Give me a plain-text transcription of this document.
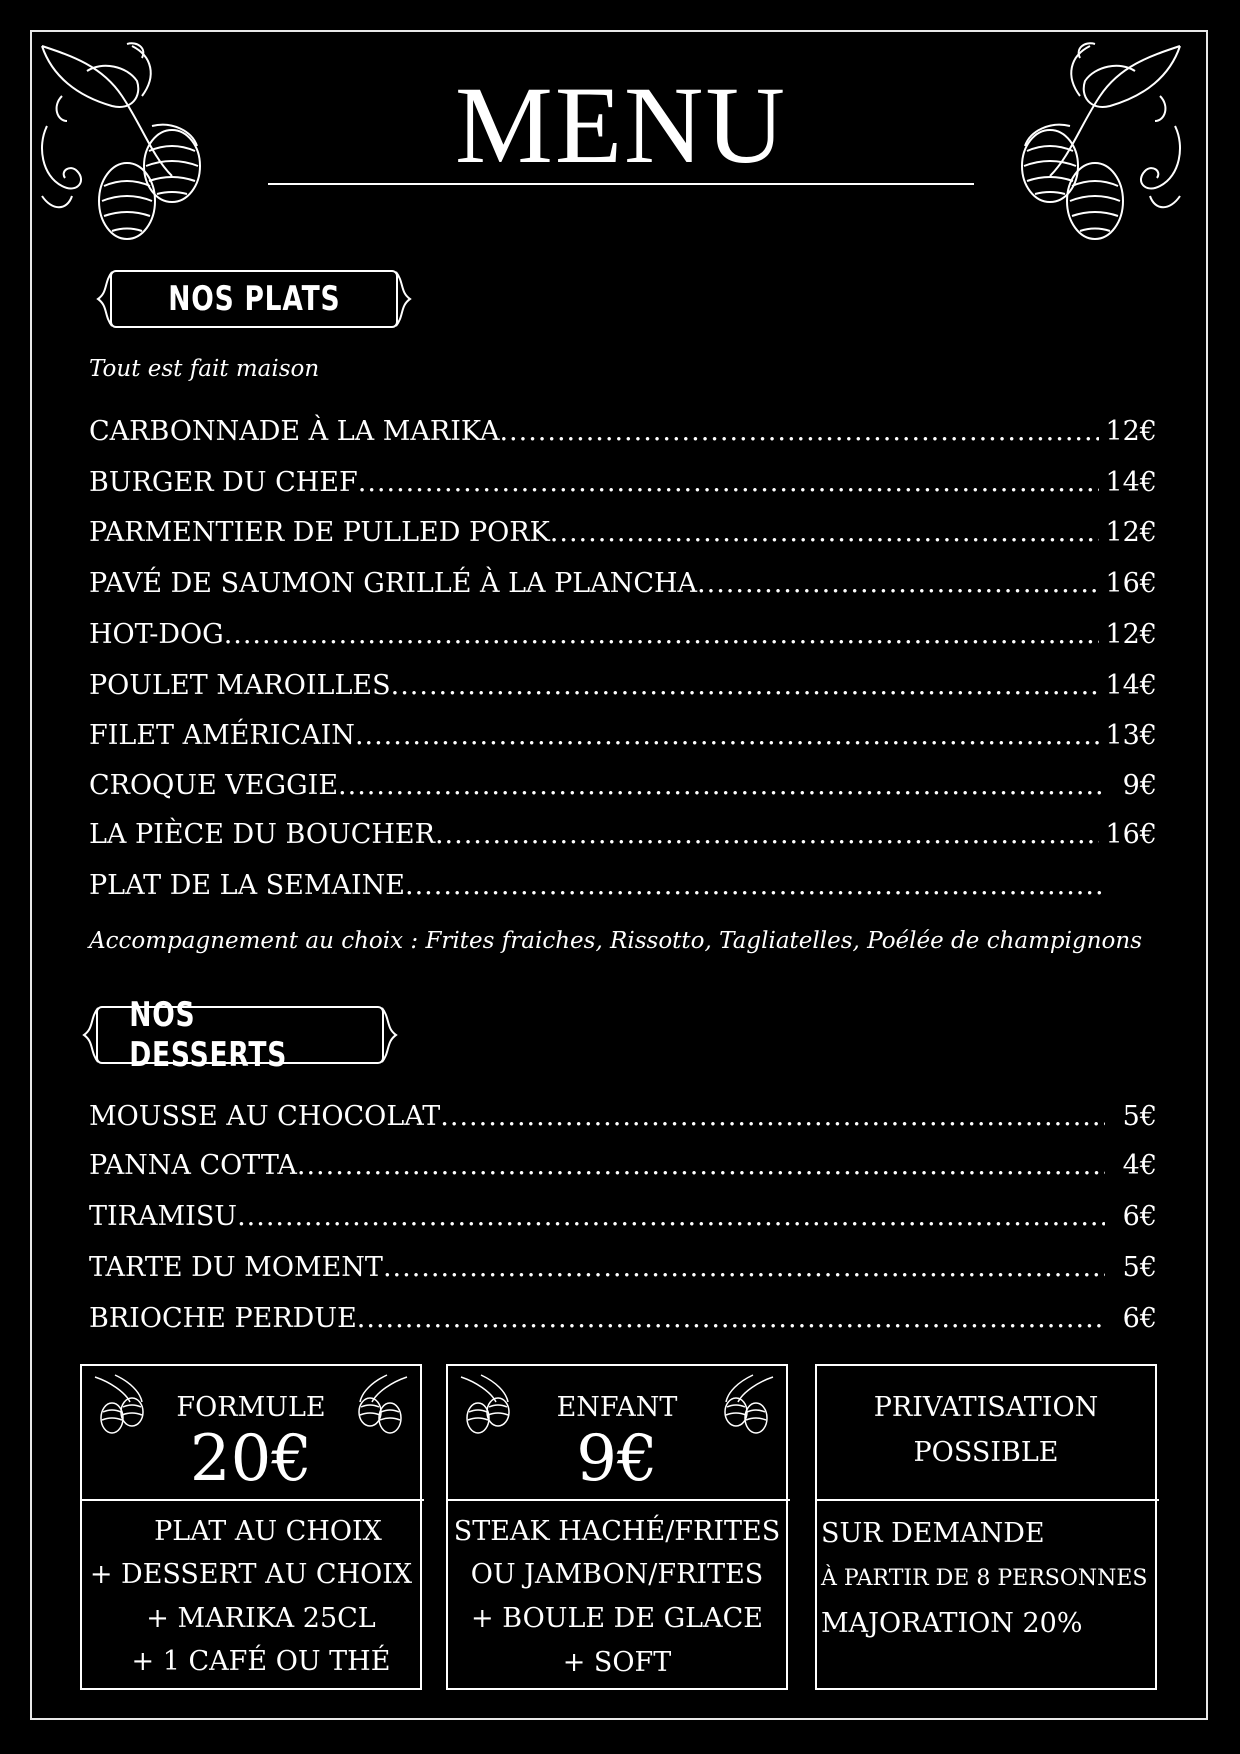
MENU
NOS PLATS
Tout est fait maison
CARBONNADE À LA MARIKA .....	12€
BURGER DU CHEF .....	14€
PARMENTIER DE PULLED PORK .....	12€
PAVÉ DE SAUMON GRILLÉ À LA PLANCHA .....	16€
HOT-DOG .....	12€
POULET MAROILLES .....	14€
FILET AMÉRICAIN .....	13€
CROQUE VEGGIE .....	9€
LA PIÈCE DU BOUCHER .....	16€
PLAT DE LA SEMAINE
.....
Accompagnement au choix : Frites fraiches, Rissotto, Tagliatelles, Poélée de champignons
NOS DESSERTS
MOUSSE AU CHOCOLAT .....	5€
PANNA COTTA .....	4€
TIRAMISU .....	6€
TARTE DU MOMENT .....	5€
BRIOCHE PERDUE .....	6€
FORMULE
20€
PLAT AU CHOIX
+ DESSERT AU CHOIX
+ MARIKA 25CL
+ 1 CAFÉ OU THÉ
ENFANT
9€
STEAK HACHÉ/FRITES
OU JAMBON/FRITES
+ BOULE DE GLACE
+ SOFT
PRIVATISATION
POSSIBLE
SUR DEMANDE
À PARTIR DE 8 PERSONNES
MAJORATION 20%
